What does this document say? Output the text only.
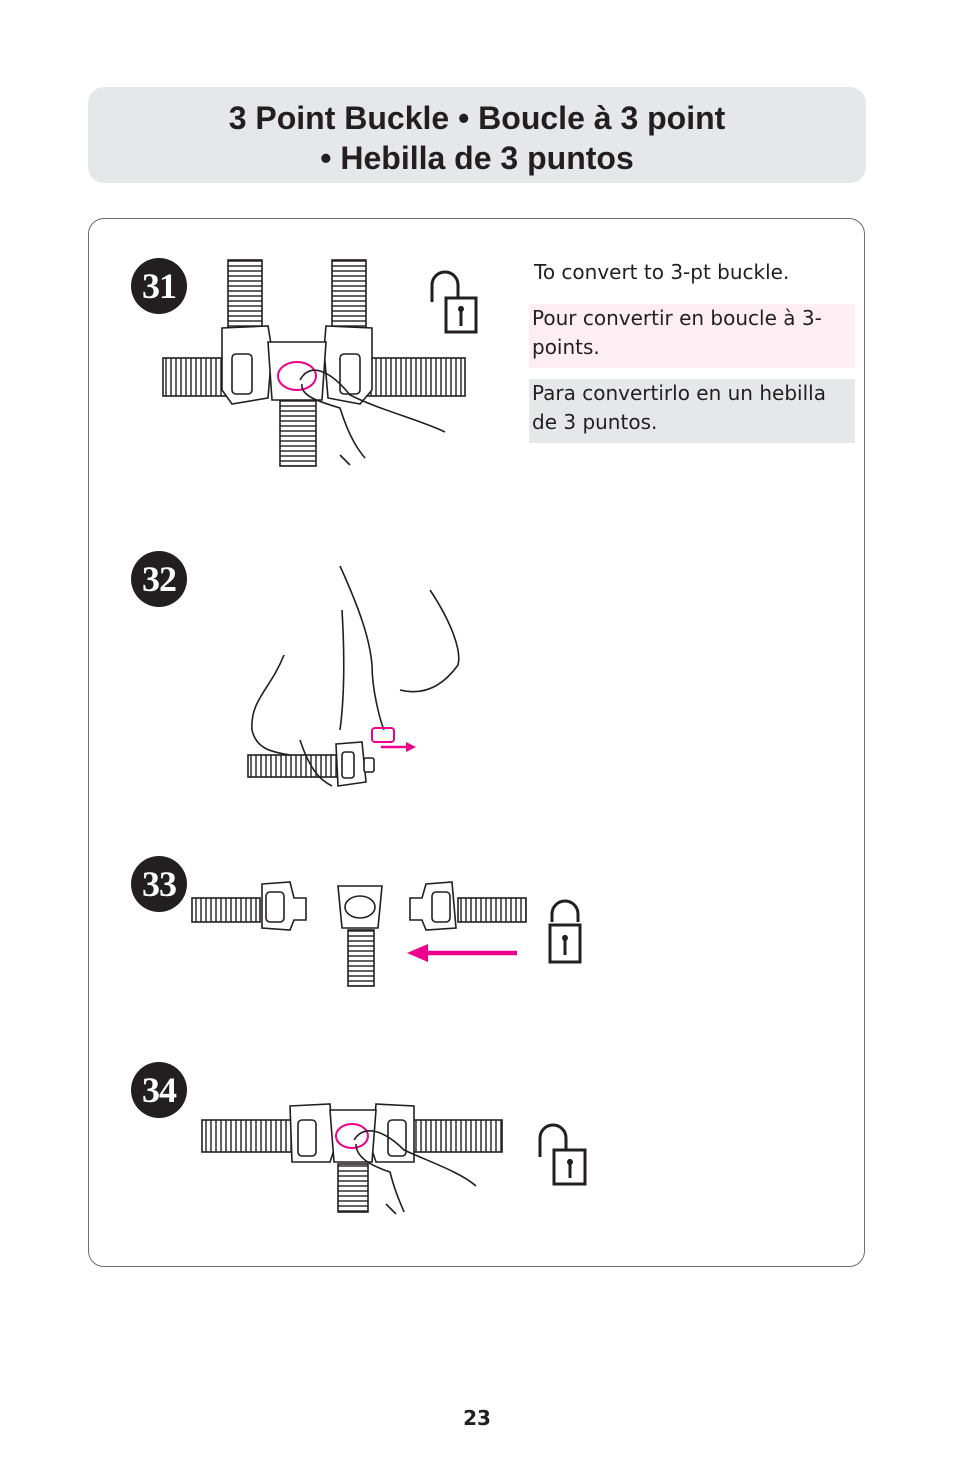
3 Point Buckle • Boucle à 3 point
• Hebilla de 3 puntos
31
32
33
34
To convert to 3-pt buckle.
Pour convertir en boucle à 3-points.
Para convertirlo en un hebilla de 3 puntos.
23
